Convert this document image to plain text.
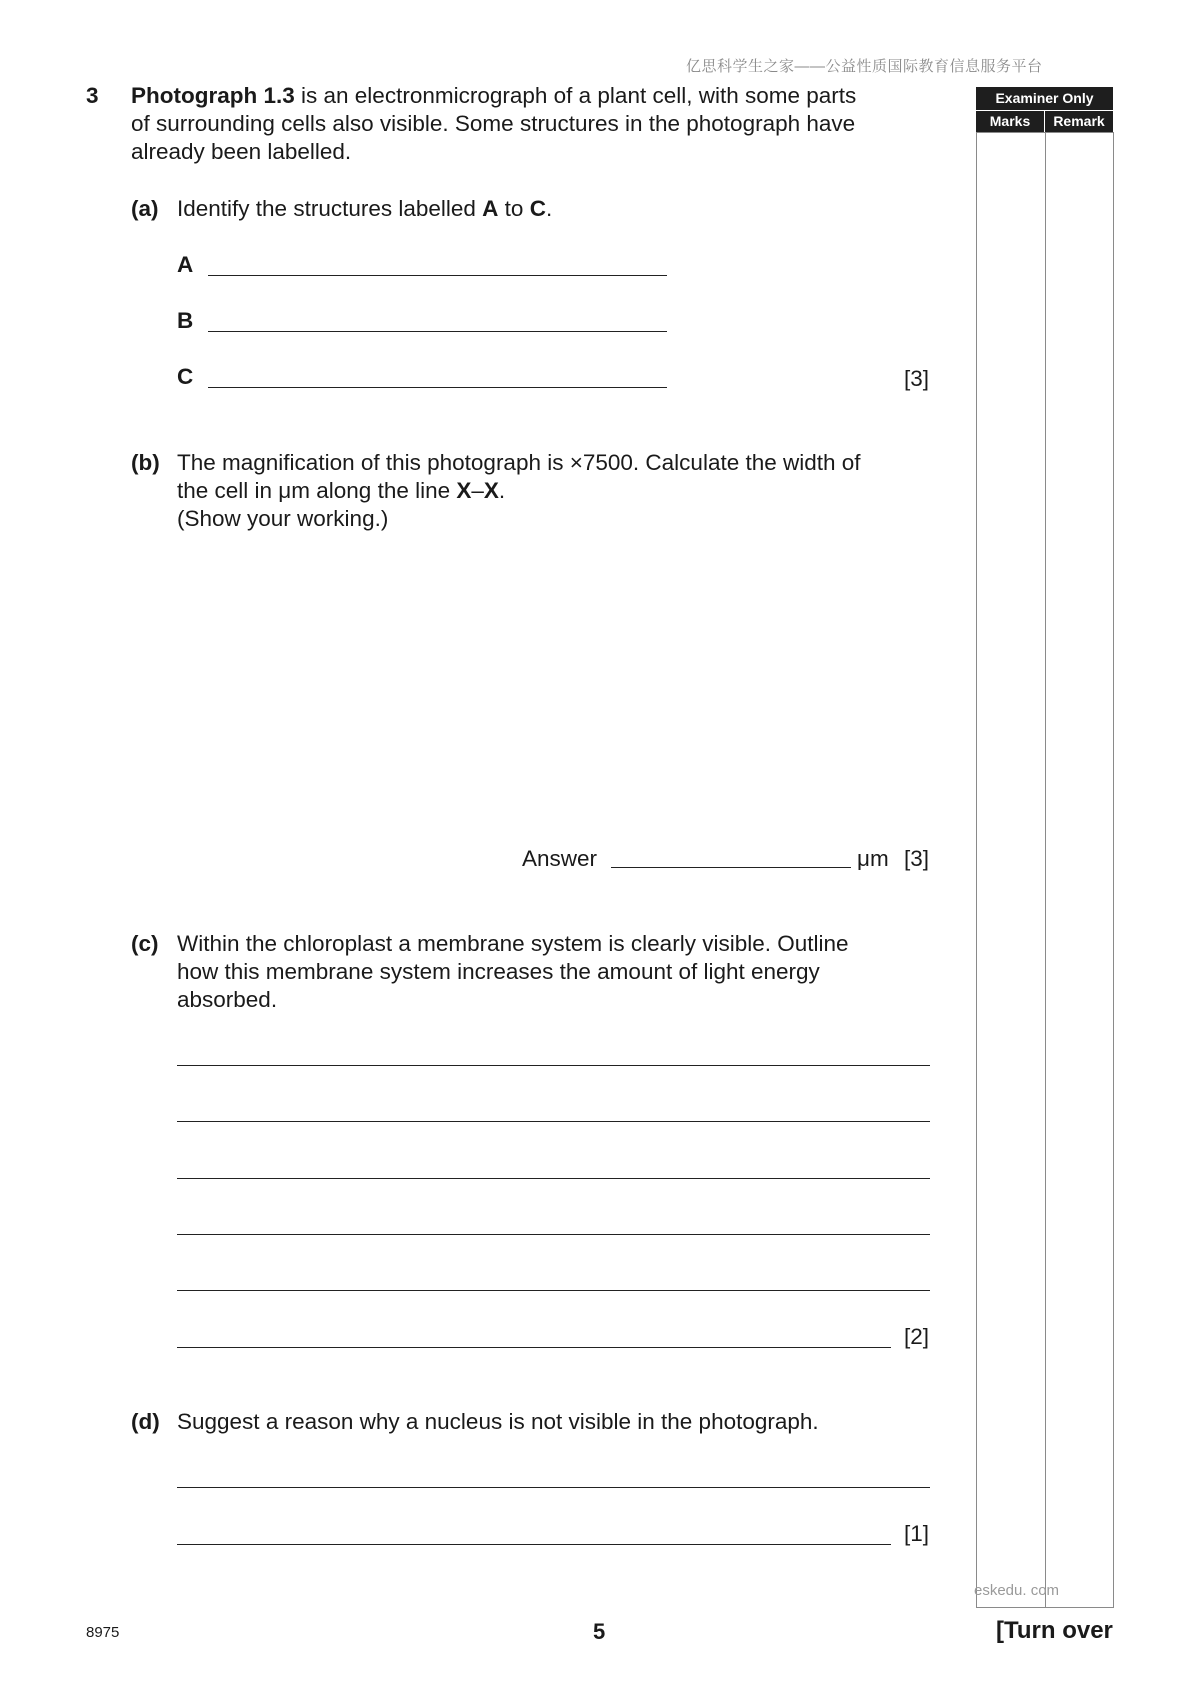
亿思科学生之家——公益性质国际教育信息服务平台
Examiner Only
Marks	Remark
3 Photograph 1.3 is an electronmicrograph of a plant cell, with some parts
of surrounding cells also visible. Some structures in the photograph have
already been labelled.
(a) Identify the structures labelled A to C.
A
B
C	[3]
(b) The magnification of this photograph is ×7500. Calculate the width of
the cell in μm along the line X–X.
(Show your working.)
Answer	μm [3]
(c) Within the chloroplast a membrane system is clearly visible. Outline
how this membrane system increases the amount of light energy
absorbed.
[2]
(d) Suggest a reason why a nucleus is not visible in the photograph.
[1]
eskedu. com
8975	5	[Turn over
